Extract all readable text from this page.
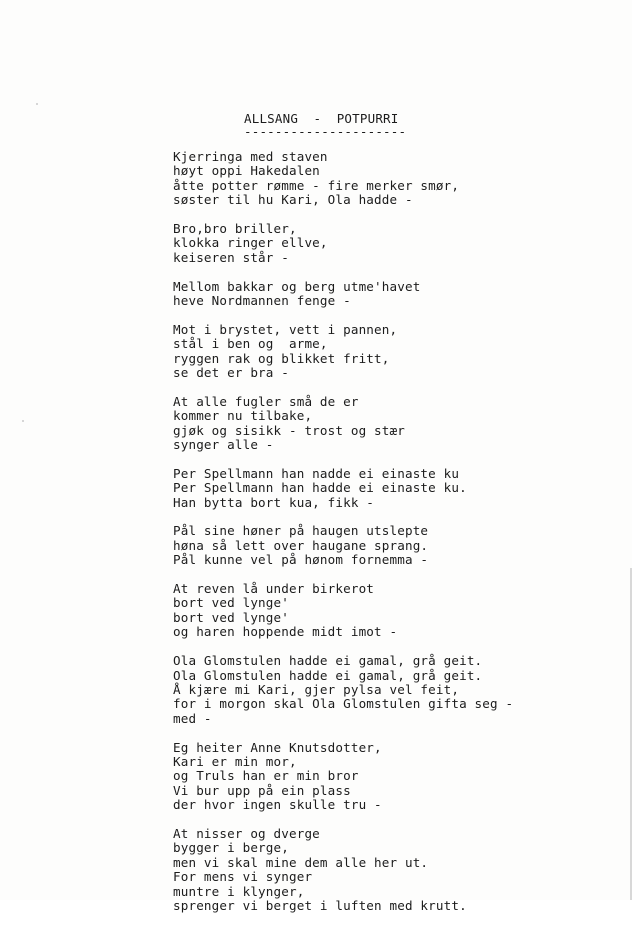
ALLSANG  -  POTPURRI
---------------------
Kjerringa med staven
høyt oppi Hakedalen
åtte potter rømme - fire merker smør,
søster til hu Kari, Ola hadde -
Bro,bro briller,
klokka ringer ellve,
keiseren står -
Mellom bakkar og berg utme'havet
heve Nordmannen fenge -
Mot i brystet, vett i pannen,
stål i ben og  arme,
ryggen rak og blikket fritt,
se det er bra -
At alle fugler små de er
kommer nu tilbake,
gjøk og sisikk - trost og stær
synger alle -
Per Spellmann han nadde ei einaste ku
Per Spellmann han hadde ei einaste ku.
Han bytta bort kua, fikk -
Pål sine høner på haugen utslepte
høna så lett over haugane sprang.
Pål kunne vel på hønom fornemma -
At reven lå under birkerot
bort ved lynge'
bort ved lynge'
og haren hoppende midt imot -
Ola Glomstulen hadde ei gamal, grå geit.
Ola Glomstulen hadde ei gamal, grå geit.
Å kjære mi Kari, gjer pylsa vel feit,
for i morgon skal Ola Glomstulen gifta seg -
med -
Eg heiter Anne Knutsdotter,
Kari er min mor,
og Truls han er min bror
Vi bur upp på ein plass
der hvor ingen skulle tru -
At nisser og dverge
bygger i berge,
men vi skal mine dem alle her ut.
For mens vi synger
muntre i klynger,
sprenger vi berget i luften med krutt.
